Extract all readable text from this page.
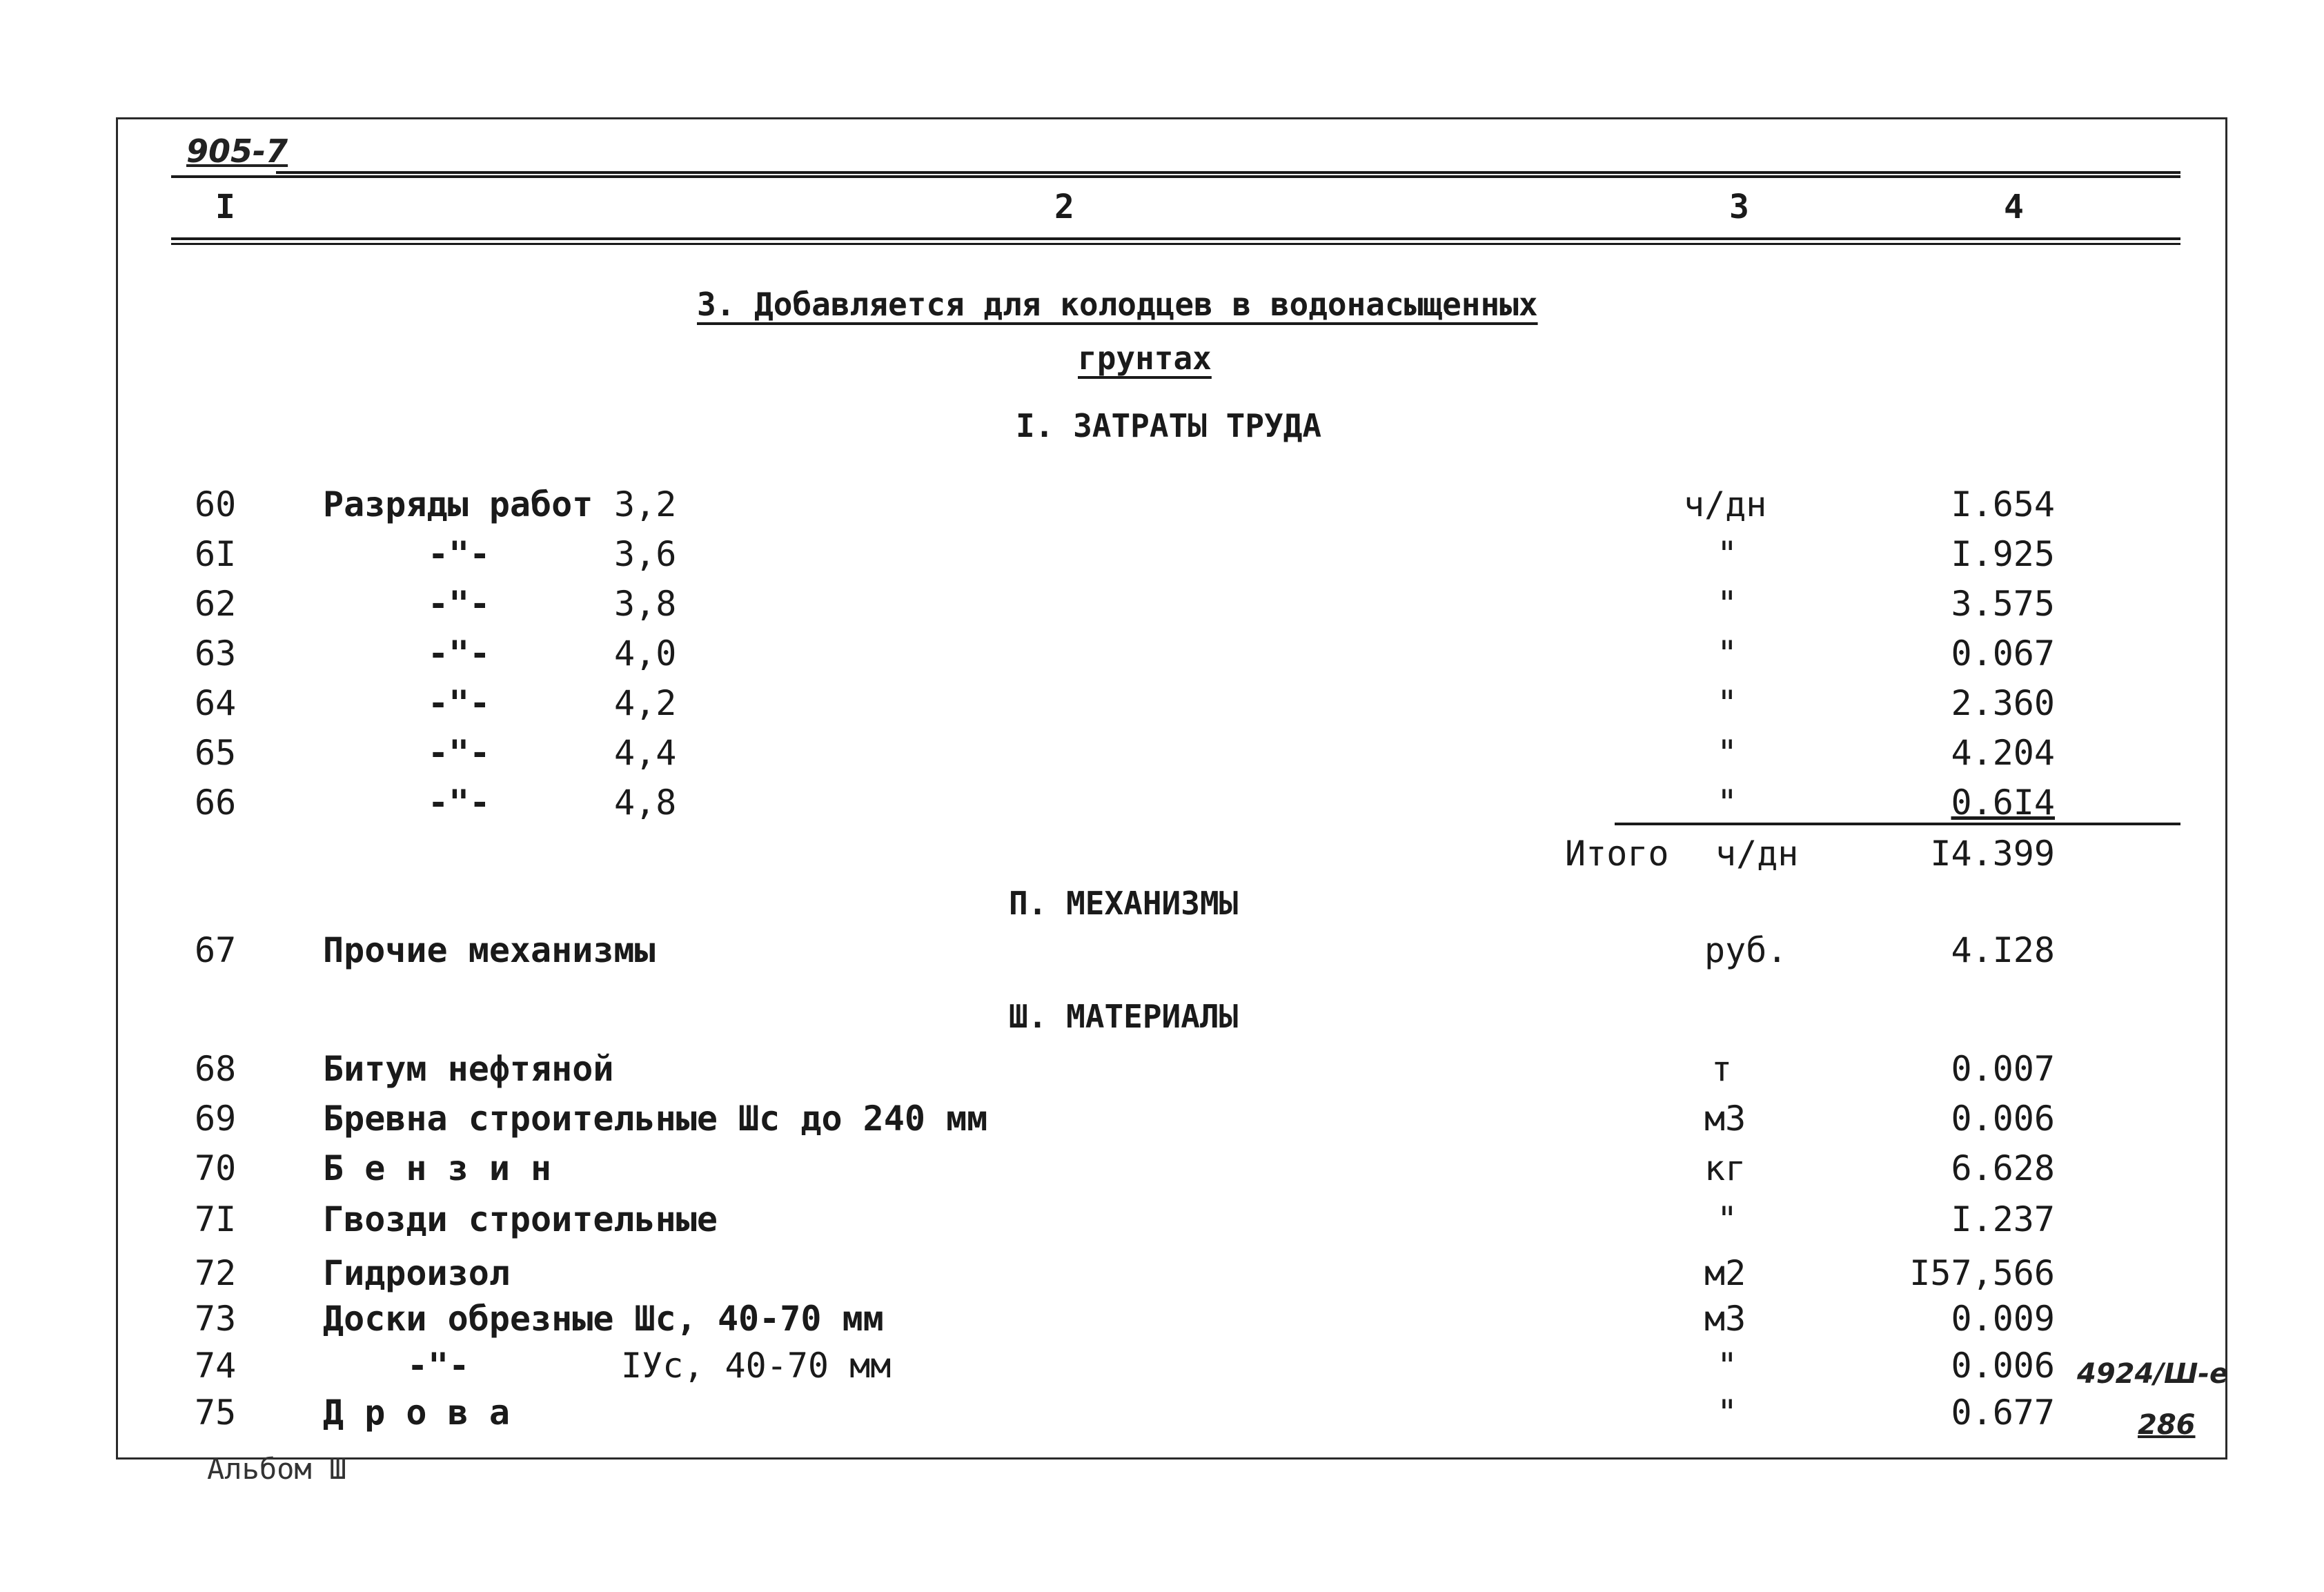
905-7
I	2	3	4
3. Добавляется для колодцев в водонасыщенных
грунтах
I. ЗАТРАТЫ ТРУДА
60	Разряды работ 3,2	ч/дн	I.654
6I	-"-	3,6	"	I.925
62	-"-	3,8	"	3.575
63	-"-	4,0	"	0.067
64	-"-	4,2	"	2.360
65	-"-	4,4	"	4.204
66	-"-	4,8	"	0.6I4
Итого ч/дн	I4.399
П. МЕХАНИЗМЫ
67	Прочие механизмы	руб.	4.I28
Ш. МАТЕРИАЛЫ
68	Битум нефтяной	т	0.007
69	Бревна строительные Шс до 240 мм	м3	0.006
70	Б е н з и н	кг	6.628
7I	Гвозди строительные	"	I.237
72	Гидроизол	м2	I57,566
73	Доски обрезные Шс, 40-70 мм	м3	0.009
74	-"-	IУс, 40-70 мм	"	0.006
75	Д р о в а	"	0.677
4924/Ш-е
286
Альбом Ш
